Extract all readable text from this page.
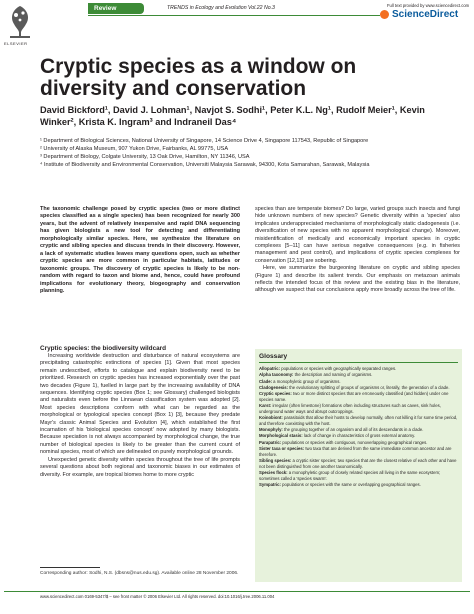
ELSEVIER
Review	TRENDS in Ecology and Evolution Vol.22 No.3	Full text provided by www.sciencedirect.com
ScienceDirect
Cryptic species as a window on diversity and conservation
David Bickford¹, David J. Lohman¹, Navjot S. Sodhi¹, Peter K.L. Ng¹, Rudolf Meier¹, Kevin Winker², Krista K. Ingram³ and Indraneil Das⁴

¹ Department of Biological Sciences, National University of Singapore, 14 Science Drive 4, Singapore 117543, Republic of Singapore

² University of Alaska Museum, 907 Yukon Drive, Fairbanks, AL 99775, USA

³ Department of Biology, Colgate University, 13 Oak Drive, Hamilton, NY 11346, USA

⁴ Institute of Biodiversity and Environmental Conservation, Universiti Malaysia Sarawak, 94300, Kota Samarahan, Sarawak, Malaysia

The taxonomic challenge posed by cryptic species (two or more distinct species classified as a single species) has been recognized for nearly 300 years, but the advent of relatively inexpensive and rapid DNA sequencing has given biologists a new tool for detecting and differentiating morphologically similar species. Here, we synthesize the literature on cryptic and sibling species and discuss trends in their discovery. However, a lack of systematic studies leaves many questions open, such as whether cryptic species are more common in particular habitats, latitudes or taxonomic groups. The discovery of cryptic species is likely to be non-random with regard to taxon and biome and, hence, could have profound implications for evolutionary theory, biogeography and conservation planning.

species than are temperate biomes? Do large, varied groups such insects and fungi hide unknown numbers of new species? Genetic diversity within a 'species' also implicates underappreciated mechanisms of morphologically static cladogenesis (i.e. diversification of new species with no apparent morphological change). Moreover, misidentification of medically and economically important species in cryptic complexes [5–11] can have serious negative consequences (e.g. in fisheries management and pest control), and implications of cryptic species complexes for conservation [12,13] are sobering.

Here, we summarize the burgeoning literature on cryptic and sibling species (Figure 1) and describe its salient trends. Our emphasis on metazoan animals reflects the intended focus of this review and the existing bias in the literature, although we suspect that our conclusions apply more broadly across the tree of life.

Cryptic species: the biodiversity wildcard

Increasing worldwide destruction and disturbance of natural ecosystems are precipitating catastrophic extinctions of species [1]. Given that most species remain undescribed, efforts to catalogue and explain biodiversity need to be prioritized. Research on cryptic species has increased exponentially over the past two decades (Figure 1), fuelled in large part by the increasing availability of DNA sequences. Identifying cryptic species (Box 1; see Glossary) challenged biologists and naturalists even before the Linnaean classification system was adopted [2]. Most species descriptions conform with what can be regarded as the morphological or typological species concept (Box 1) [3], because they predate Mayr's classic Animal Species and Evolution [4], which established the first incarnation of his 'biological species concept' now adopted by many biologists. Because speciation is not always accompanied by morphological change, the true number of biological species is likely to be greater than the current count of nominal species, most of which are delineated on purely morphological grounds.

Unexpected genetic diversity within species throughout the tree of life prompts several questions about both regional and taxonomic biases in our estimates of diversity. For example, are tropical biomes home to more cryptic

Glossary
Allopatric: populations or species with geographically separated ranges.
Alpha taxonomy: the description and naming of organisms.
Clade: a monophyletic group of organisms.
Cladogenesis: the evolutionary splitting of groups of organisms or, literally, the generation of a clade.
Cryptic species: two or more distinct species that are erroneously classified (and hidden) under one species name.
Karst: irregular (often limestone) formations often including structures such as caves, sink holes, underground water ways and abrupt outcroppings.
Koinobiont: parasitoids that allow their hosts to develop normally, often not killing it for some time period, and therefore coexisting with the host.
Monophyly: the grouping together of an organism and all of its descendants in a clade.
Morphological stasis: lack of change in characteristics of gross external anatomy.
Parapatric: populations or species with contiguous, nonoverlapping geographical ranges.
Sister taxa or species: two taxa that are derived from the same immediate common ancestor and are therefore.
Sibling species: a cryptic sister species; two species that are the closest relative of each other and have not been distinguished from one another taxonomically.
Species flock: a monophyletic group of closely related species all living in the same ecosystem; sometimes called a 'species swarm'.
Sympatric: populations or species with the same or overlapping geographical ranges.
Corresponding author: Sodhi, N.S. (dbsns@nus.edu.sg). Available online 28 November 2006.
www.sciencedirect.com 0169-5347/$ – see front matter © 2006 Elsevier Ltd. All rights reserved. doi:10.1016/j.tree.2006.11.004
